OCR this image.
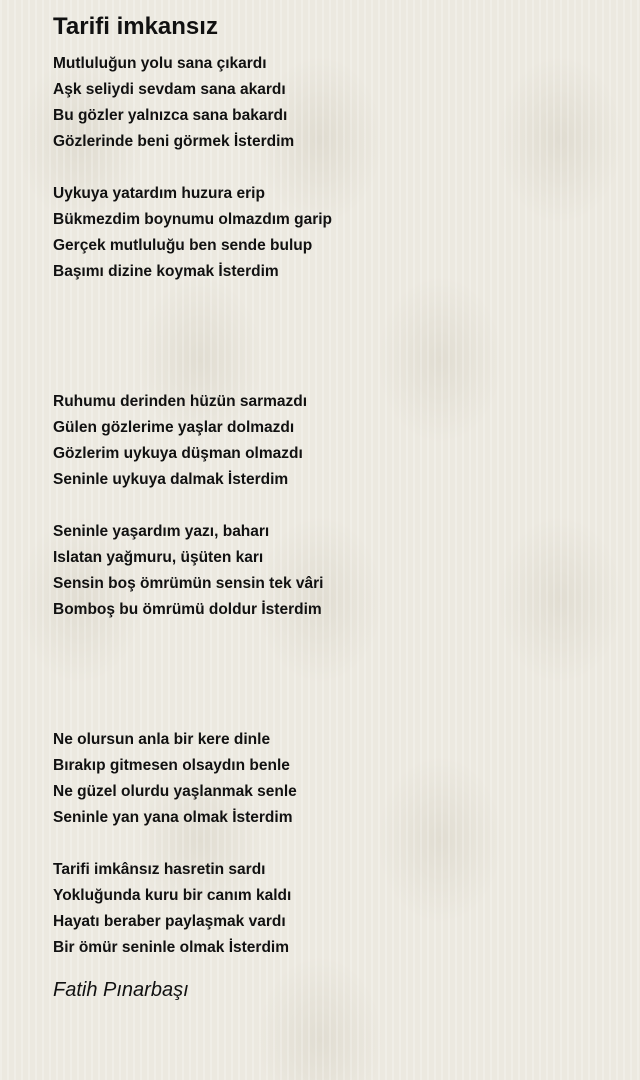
Tarifi imkansız
Mutluluğun yolu sana çıkardı
Aşk seliydi sevdam sana akardı
Bu gözler yalnızca sana bakardı
Gözlerinde beni görmek İsterdim
Uykuya yatardım huzura erip
Bükmezdim boynumu olmazdım garip
Gerçek mutluluğu ben sende bulup
Başımı dizine koymak İsterdim
Ruhumu derinden hüzün sarmazdı
Gülen gözlerime yaşlar dolmazdı
Gözlerim uykuya düşman olmazdı
Seninle uykuya dalmak İsterdim
Seninle yaşardım yazı, baharı
Islatan yağmuru, üşüten karı
Sensin boş ömrümün sensin tek vâri
Bomboş bu ömrümü doldur İsterdim
Ne olursun anla bir kere dinle
Bırakıp gitmesen olsaydın benle
Ne güzel olurdu yaşlanmak senle
Seninle yan yana olmak İsterdim
Tarifi imkânsız hasretin sardı
Yokluğunda kuru bir canım kaldı
Hayatı beraber paylaşmak vardı
Bir ömür seninle olmak İsterdim
Fatih Pınarbaşı
